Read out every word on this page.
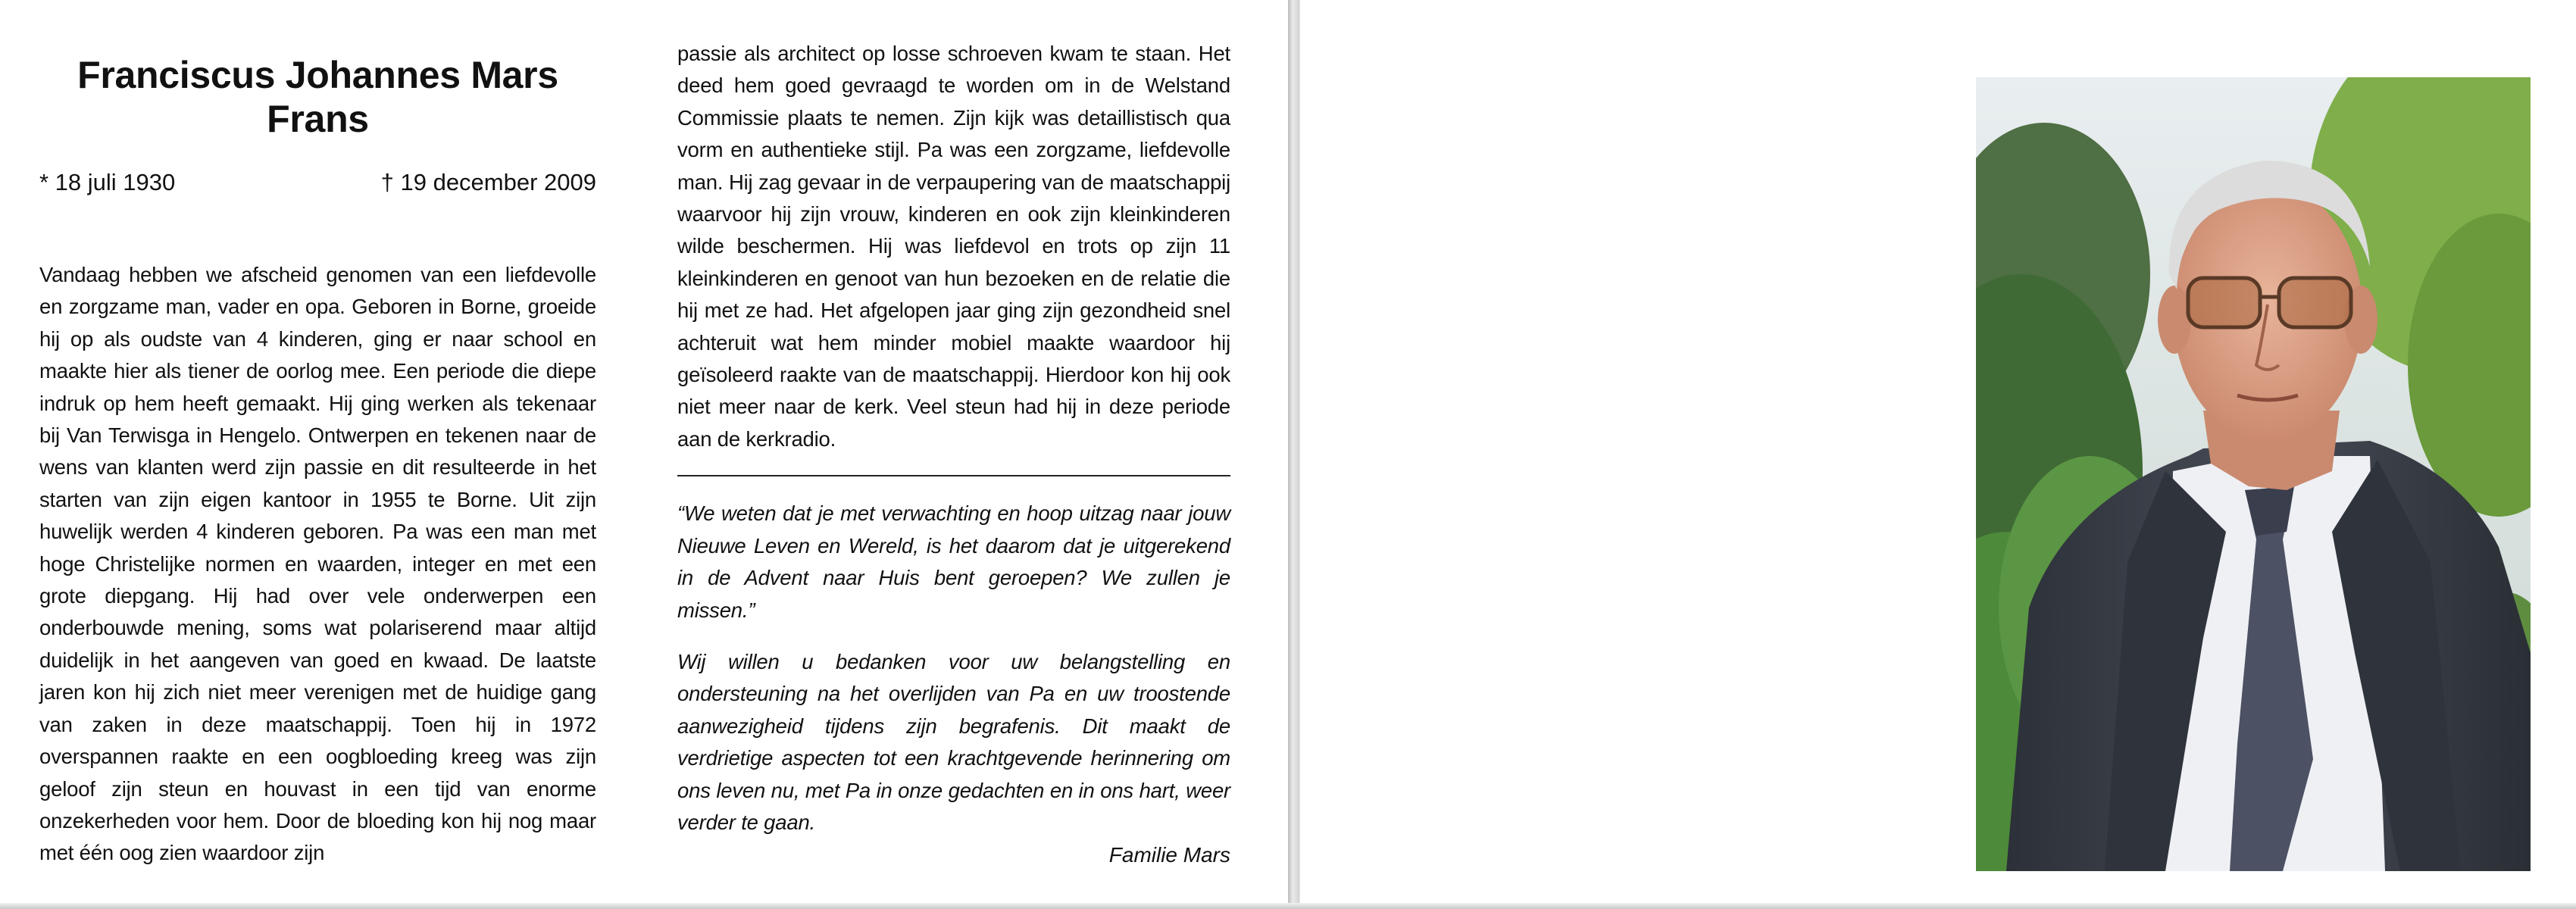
Franciscus Johannes Mars
Frans
* 18 juli 1930	† 19 december 2009

Vandaag hebben we afscheid genomen van een liefdevolle en zorgzame man, vader en opa. Geboren in Borne, groeide hij op als oudste van 4 kinderen, ging er naar school en maakte hier als tiener de oorlog mee. Een periode die diepe indruk op hem heeft gemaakt. Hij ging werken als tekenaar bij Van Terwisga in Hengelo. Ontwerpen en tekenen naar de wens van klanten werd zijn passie en dit resulteerde in het starten van zijn eigen kantoor in 1955 te Borne. Uit zijn huwelijk werden 4 kinderen geboren. Pa was een man met hoge Christelijke normen en waarden, integer en met een grote diepgang. Hij had over vele onderwerpen een onderbouwde mening, soms wat polariserend maar altijd duidelijk in het aangeven van goed en kwaad. De laatste jaren kon hij zich niet meer verenigen met de huidige gang van zaken in deze maatschappij. Toen hij in 1972 overspannen raakte en een oogbloeding kreeg was zijn geloof zijn steun en houvast in een tijd van enorme onzekerheden voor hem. Door de bloeding kon hij nog maar met één oog zien waardoor zijn

passie als architect op losse schroeven kwam te staan. Het deed hem goed gevraagd te worden om in de Welstand Commissie plaats te nemen. Zijn kijk was detaillistisch qua vorm en authentieke stijl. Pa was een zorgzame, liefdevolle man. Hij zag gevaar in de verpaupering van de maatschappij waarvoor hij zijn vrouw, kinderen en ook zijn kleinkinderen wilde beschermen. Hij was liefdevol en trots op zijn 11 kleinkinderen en genoot van hun bezoeken en de relatie die hij met ze had. Het afgelopen jaar ging zijn gezondheid snel achteruit wat hem minder mobiel maakte waardoor hij geïsoleerd raakte van de maatschappij. Hierdoor kon hij ook niet meer naar de kerk. Veel steun had hij in deze periode aan de kerkradio.

“We weten dat je met verwachting en hoop uitzag naar jouw Nieuwe Leven en Wereld, is het daarom dat je uitgerekend in de Advent naar Huis bent geroepen? We zullen je missen.”

Wij willen u bedanken voor uw belangstelling en ondersteuning na het overlijden van Pa en uw troostende aanwezigheid tijdens zijn begrafenis. Dit maakt de verdrietige aspecten tot een krachtgevende herinnering om ons leven nu, met Pa in onze gedachten en in ons hart, weer verder te gaan.

Familie Mars
